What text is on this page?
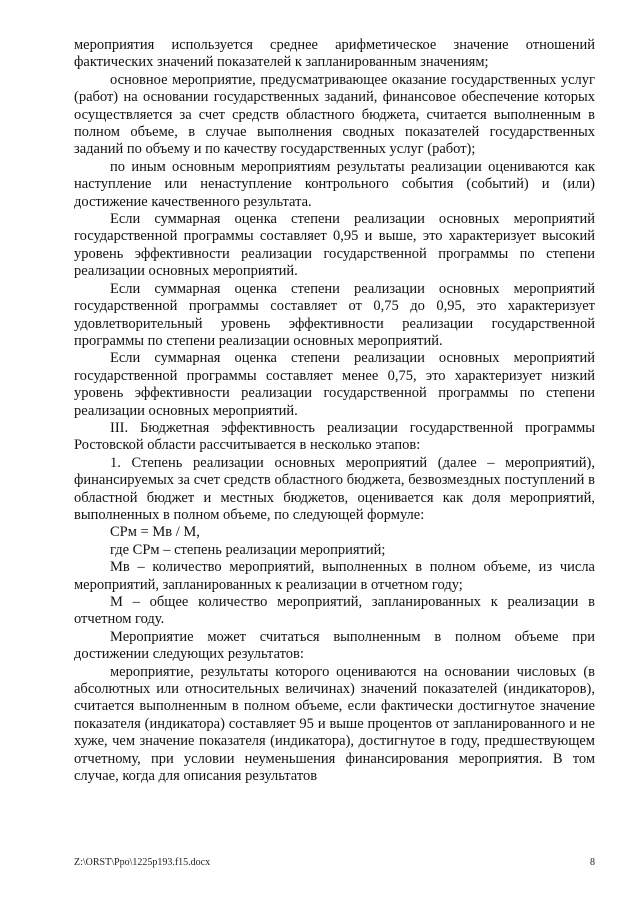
мероприятия используется среднее арифметическое значение отношений фактических значений показателей к запланированным значениям;

основное мероприятие, предусматривающее оказание государственных услуг (работ) на основании государственных заданий, финансовое обеспечение которых осуществляется за счет средств областного бюджета, считается выполненным в полном объеме, в случае выполнения сводных показателей государственных заданий по объему и по качеству государственных услуг (работ);

по иным основным мероприятиям результаты реализации оцениваются как наступление или ненаступление контрольного события (событий) и (или) достижение качественного результата.

Если суммарная оценка степени реализации основных мероприятий государственной программы составляет 0,95 и выше, это характеризует высокий уровень эффективности реализации государственной программы по степени реализации основных мероприятий.

Если суммарная оценка степени реализации основных мероприятий государственной программы составляет от 0,75 до 0,95, это характеризует удовлетворительный уровень эффективности реализации государственной программы по степени реализации основных мероприятий.

Если суммарная оценка степени реализации основных мероприятий государственной программы составляет менее 0,75, это характеризует низкий уровень эффективности реализации государственной программы по степени реализации основных мероприятий.

III. Бюджетная эффективность реализации государственной программы Ростовской области рассчитывается в несколько этапов:

1. Степень реализации основных мероприятий (далее – мероприятий), финансируемых за счет средств областного бюджета, безвозмездных поступлений в областной бюджет и местных бюджетов, оценивается как доля мероприятий, выполненных в полном объеме, по следующей формуле:

СРм = Мв / М,

где СРм – степень реализации мероприятий;

Мв – количество мероприятий, выполненных в полном объеме, из числа мероприятий, запланированных к реализации в отчетном году;

М – общее количество мероприятий, запланированных к реализации в отчетном году.

Мероприятие может считаться выполненным в полном объеме при достижении следующих результатов:

мероприятие, результаты которого оцениваются на основании числовых (в абсолютных или относительных величинах) значений показателей (индикаторов), считается выполненным в полном объеме, если фактически достигнутое значение показателя (индикатора) составляет 95 и выше процентов от запланированного и не хуже, чем значение показателя (индикатора), достигнутое в году, предшествующем отчетному, при условии неуменьшения финансирования мероприятия. В том случае, когда для описания результатов

Z:\ORST\Ppo\1225p193.f15.docx	8
